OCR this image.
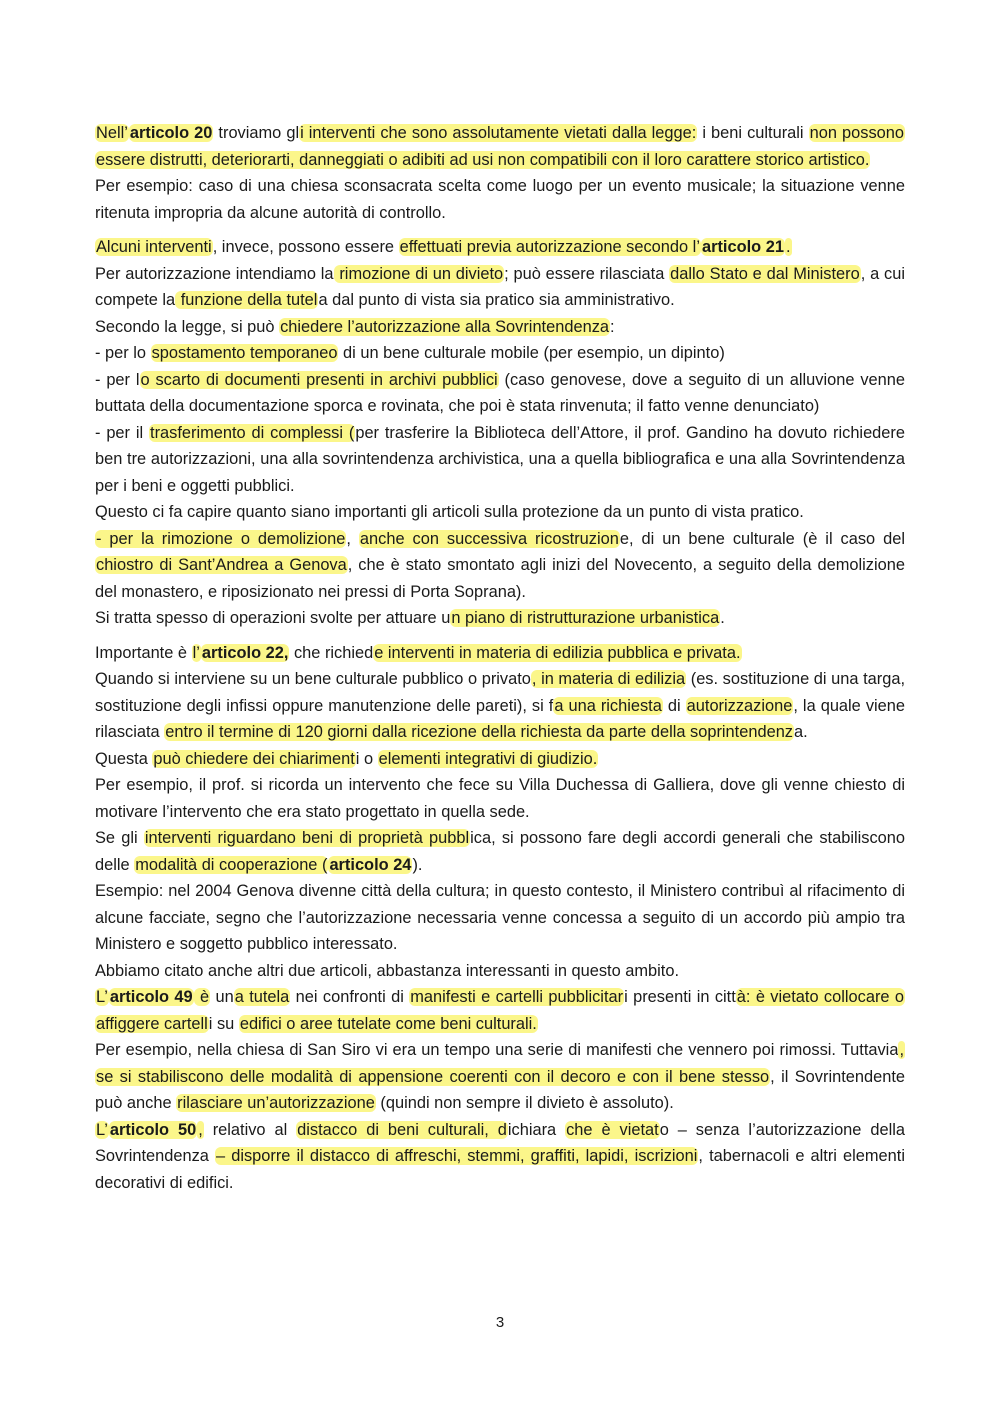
Nell’ articolo 20 troviamo gli interventi che sono assolutamente vietati dalla legge: i beni culturali non possono essere distrutti, deteriorarti, danneggiati o adibiti ad usi non compatibili con il loro carattere storico artistico.

Per esempio: caso di una chiesa sconsacrata scelta come luogo per un evento musicale; la situazione venne ritenuta impropria da alcune autorità di controllo.

Alcuni interventi, invece, possono essere effettuati previa autorizzazione secondo l’ articolo 21 .

Per autorizzazione intendiamo la rimozione di un divieto; può essere rilasciata dallo Stato e dal Ministero, a cui compete la funzione della tutela dal punto di vista sia pratico sia amministrativo.

Secondo la legge, si può chiedere l’autorizzazione alla Sovrintendenza:

- per lo spostamento temporaneo di un bene culturale mobile (per esempio, un dipinto)

- per lo scarto di documenti presenti in archivi pubblici (caso genovese, dove a seguito di un alluvione venne buttata della documentazione sporca e rovinata, che poi è stata rinvenuta; il fatto venne denunciato)

- per il trasferimento di complessi (per trasferire la Biblioteca dell’Attore, il prof. Gandino ha dovuto richiedere ben tre autorizzazioni, una alla sovrintendenza archivistica, una a quella bibliografica e una alla Sovrintendenza per i beni e oggetti pubblici.

Questo ci fa capire quanto siano importanti gli articoli sulla protezione da un punto di vista pratico.

- per la rimozione o demolizione, anche con successiva ricostruzione, di un bene culturale (è il caso del chiostro di Sant’Andrea a Genova, che è stato smontato agli inizi del Novecento, a seguito della demolizione del monastero, e riposizionato nei pressi di Porta Soprana).

Si tratta spesso di operazioni svolte per attuare un piano di ristrutturazione urbanistica.

Importante è l’ articolo 22, che richiede interventi in materia di edilizia pubblica e privata.

Quando si interviene su un bene culturale pubblico o privato, in materia di edilizia (es. sostituzione di una targa, sostituzione degli infissi oppure manutenzione delle pareti), si fa una richiesta di autorizzazione, la quale viene rilasciata entro il termine di 120 giorni dalla ricezione della richiesta da parte della soprintendenza.

Questa può chiedere dei chiarimenti o elementi integrativi di giudizio.

Per esempio, il prof. si ricorda un intervento che fece su Villa Duchessa di Galliera, dove gli venne chiesto di motivare l’intervento che era stato progettato in quella sede.

Se gli interventi riguardano beni di proprietà pubblica, si possono fare degli accordi generali che stabiliscono delle modalità di cooperazione ( articolo 24).

Esempio: nel 2004 Genova divenne città della cultura; in questo contesto, il Ministero contribuì al rifacimento di alcune facciate, segno che l’autorizzazione necessaria venne concessa a seguito di un accordo più ampio tra Ministero e soggetto pubblico interessato.

Abbiamo citato anche altri due articoli, abbastanza interessanti in questo ambito.

L’ articolo 49 è una tutela nei confronti di manifesti e cartelli pubblicitari presenti in città: è vietato collocare o affiggere cartelli su edifici o aree tutelate come beni culturali.

Per esempio, nella chiesa di San Siro vi era un tempo una serie di manifesti che vennero poi rimossi. Tuttavia, se si stabiliscono delle modalità di appensione coerenti con il decoro e con il bene stesso, il Sovrintendente può anche rilasciare un’autorizzazione (quindi non sempre il divieto è assoluto).

L’ articolo 50 , relativo al distacco di beni culturali, dichiara che è vietato – senza l’autorizzazione della Sovrintendenza – disporre il distacco di affreschi, stemmi, graffiti, lapidi, iscrizioni, tabernacoli e altri elementi decorativi di edifici.

3
